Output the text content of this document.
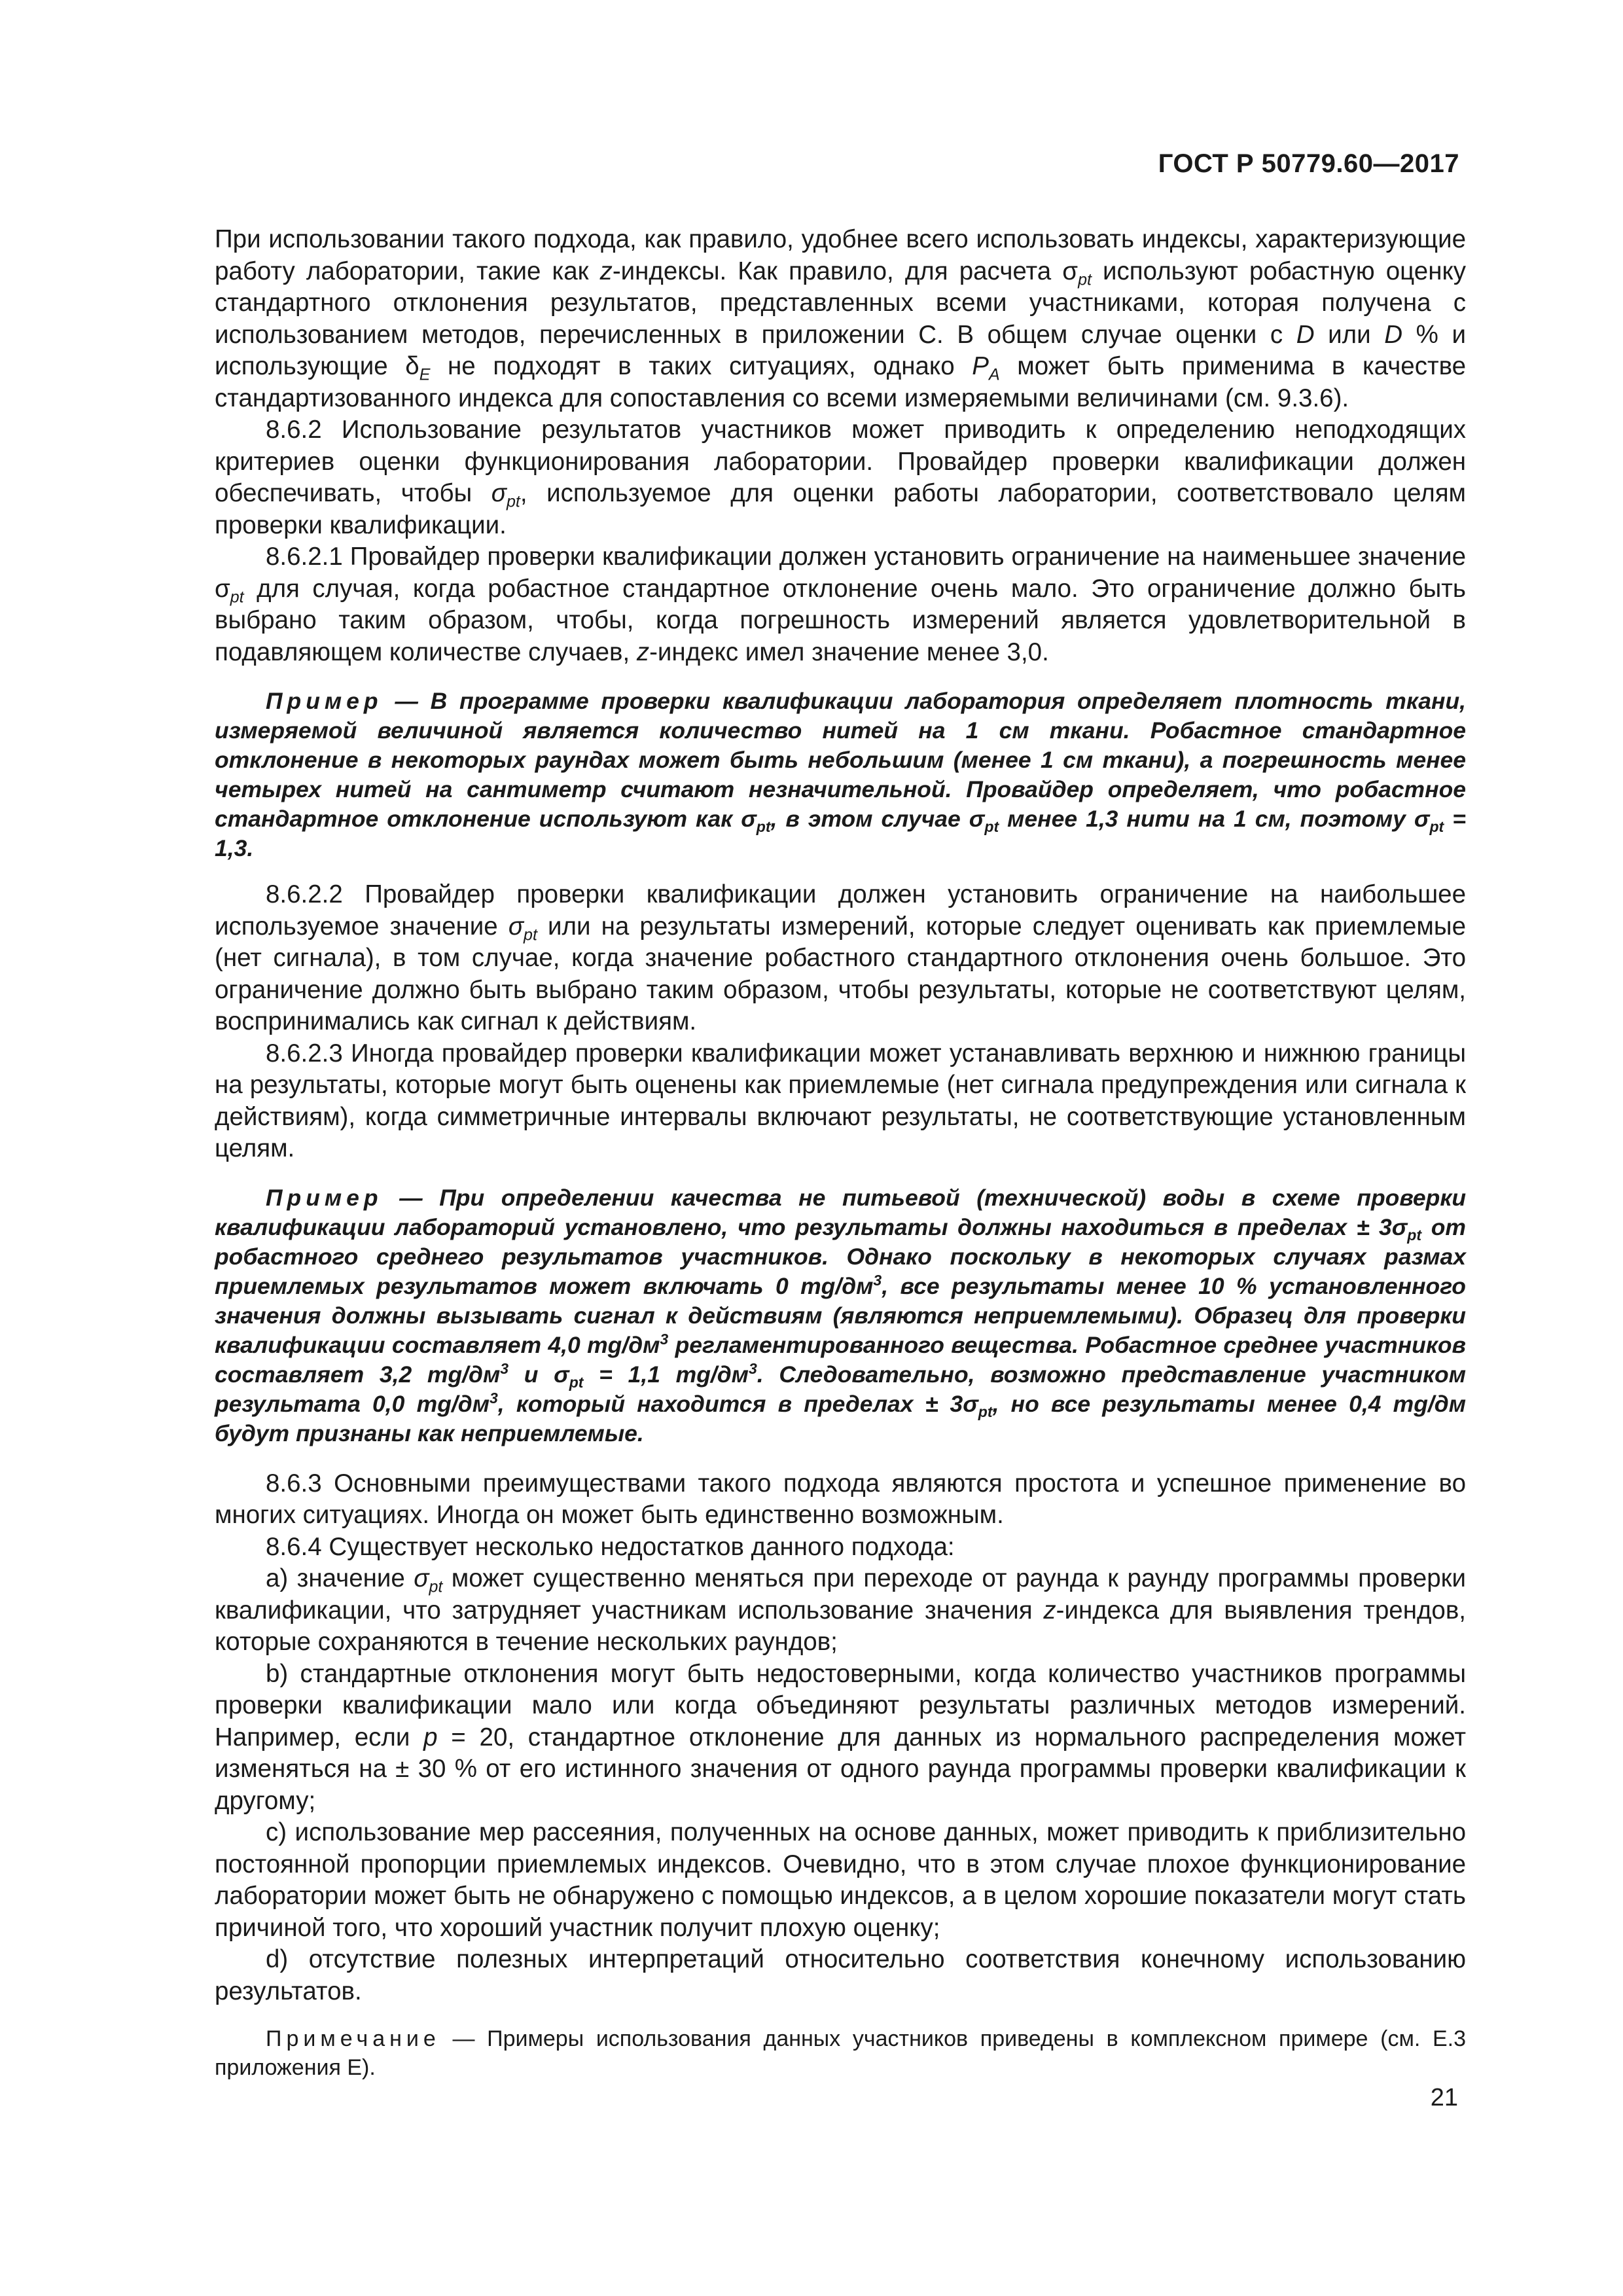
ГОСТ Р 50779.60—2017

При использовании такого подхода, как правило, удобнее всего использовать индексы, характеризующие работу лаборатории, такие как z-индексы. Как правило, для расчета $\sigma_{pt}$ используют робастную оценку стандартного отклонения результатов, представленных всеми участниками, которая получена с использованием методов, перечисленных в приложении С. В общем случае оценки с D или D % и использующие $\delta_E$ не подходят в таких ситуациях, однако $P_A$ может быть применима в качестве стандартизованного индекса для сопоставления со всеми измеряемыми величинами (см. 9.3.6).

8.6.2 Использование результатов участников может приводить к определению неподходящих критериев оценки функционирования лаборатории. Провайдер проверки квалификации должен обеспечивать, чтобы $\sigma_{pt}$, используемое для оценки работы лаборатории, соответствовало целям проверки квалификации.

8.6.2.1 Провайдер проверки квалификации должен установить ограничение на наименьшее значение $\sigma_{pt}$ для случая, когда робастное стандартное отклонение очень мало. Это ограничение должно быть выбрано таким образом, чтобы, когда погрешность измерений является удовлетворительной в подавляющем количестве случаев, z-индекс имел значение менее 3,0.

Пример — В программе проверки квалификации лаборатория определяет плотность ткани, измеряемой величиной является количество нитей на 1 см ткани. Робастное стандартное отклонение в некоторых раундах может быть небольшим (менее 1 см ткани), а погрешность менее четырех нитей на сантиметр считают незначительной. Провайдер определяет, что робастное стандартное отклонение используют как $\sigma_{pt}$, в этом случае $\sigma_{pt}$ менее 1,3 нити на 1 см, поэтому $\sigma_{pt} = 1,3$.

8.6.2.2 Провайдер проверки квалификации должен установить ограничение на наибольшее используемое значение $\sigma_{pt}$ или на результаты измерений, которые следует оценивать как приемлемые (нет сигнала), в том случае, когда значение робастного стандартного отклонения очень большое. Это ограничение должно быть выбрано таким образом, чтобы результаты, которые не соответствуют целям, воспринимались как сигнал к действиям.

8.6.2.3 Иногда провайдер проверки квалификации может устанавливать верхнюю и нижнюю границы на результаты, которые могут быть оценены как приемлемые (нет сигнала предупреждения или сигнала к действиям), когда симметричные интервалы включают результаты, не соответствующие установленным целям.

Пример — При определении качества не питьевой (технической) воды в схеме проверки квалификации лабораторий установлено, что результаты должны находиться в пределах ± $3\sigma_{pt}$ от робастного среднего результатов участников. Однако поскольку в некоторых случаях размах приемлемых результатов может включать 0 $mg/дм^3$, все результаты менее 10 % установленного значения должны вызывать сигнал к действиям (являются неприемлемыми). Образец для проверки квалификации составляет 4,0 $mg/дм^3$ регламентированного вещества. Робастное среднее участников составляет 3,2 $mg/дм^3$ и $\sigma_{pt} = 1,1$ $mg/дм^3$. Следовательно, возможно представление участником результата 0,0 $mg/дм^3$, который находится в пределах ± $3\sigma_{pt}$, но все результаты менее 0,4 mg/дм будут признаны как неприемлемые.

8.6.3 Основными преимуществами такого подхода являются простота и успешное применение во многих ситуациях. Иногда он может быть единственно возможным.

8.6.4 Существует несколько недостатков данного подхода:

а) значение $\sigma_{pt}$ может существенно меняться при переходе от раунда к раунду программы проверки квалификации, что затрудняет участникам использование значения z-индекса для выявления трендов, которые сохраняются в течение нескольких раундов;

b) стандартные отклонения могут быть недостоверными, когда количество участников программы проверки квалификации мало или когда объединяют результаты различных методов измерений. Например, если p = 20, стандартное отклонение для данных из нормального распределения может изменяться на ± 30 % от его истинного значения от одного раунда программы проверки квалификации к другому;

c) использование мер рассеяния, полученных на основе данных, может приводить к приблизительно постоянной пропорции приемлемых индексов. Очевидно, что в этом случае плохое функционирование лаборатории может быть не обнаружено с помощью индексов, а в целом хорошие показатели могут стать причиной того, что хороший участник получит плохую оценку;

d) отсутствие полезных интерпретаций относительно соответствия конечному использованию результатов.

Примечание — Примеры использования данных участников приведены в комплексном примере (см. Е.3 приложения Е).

21
